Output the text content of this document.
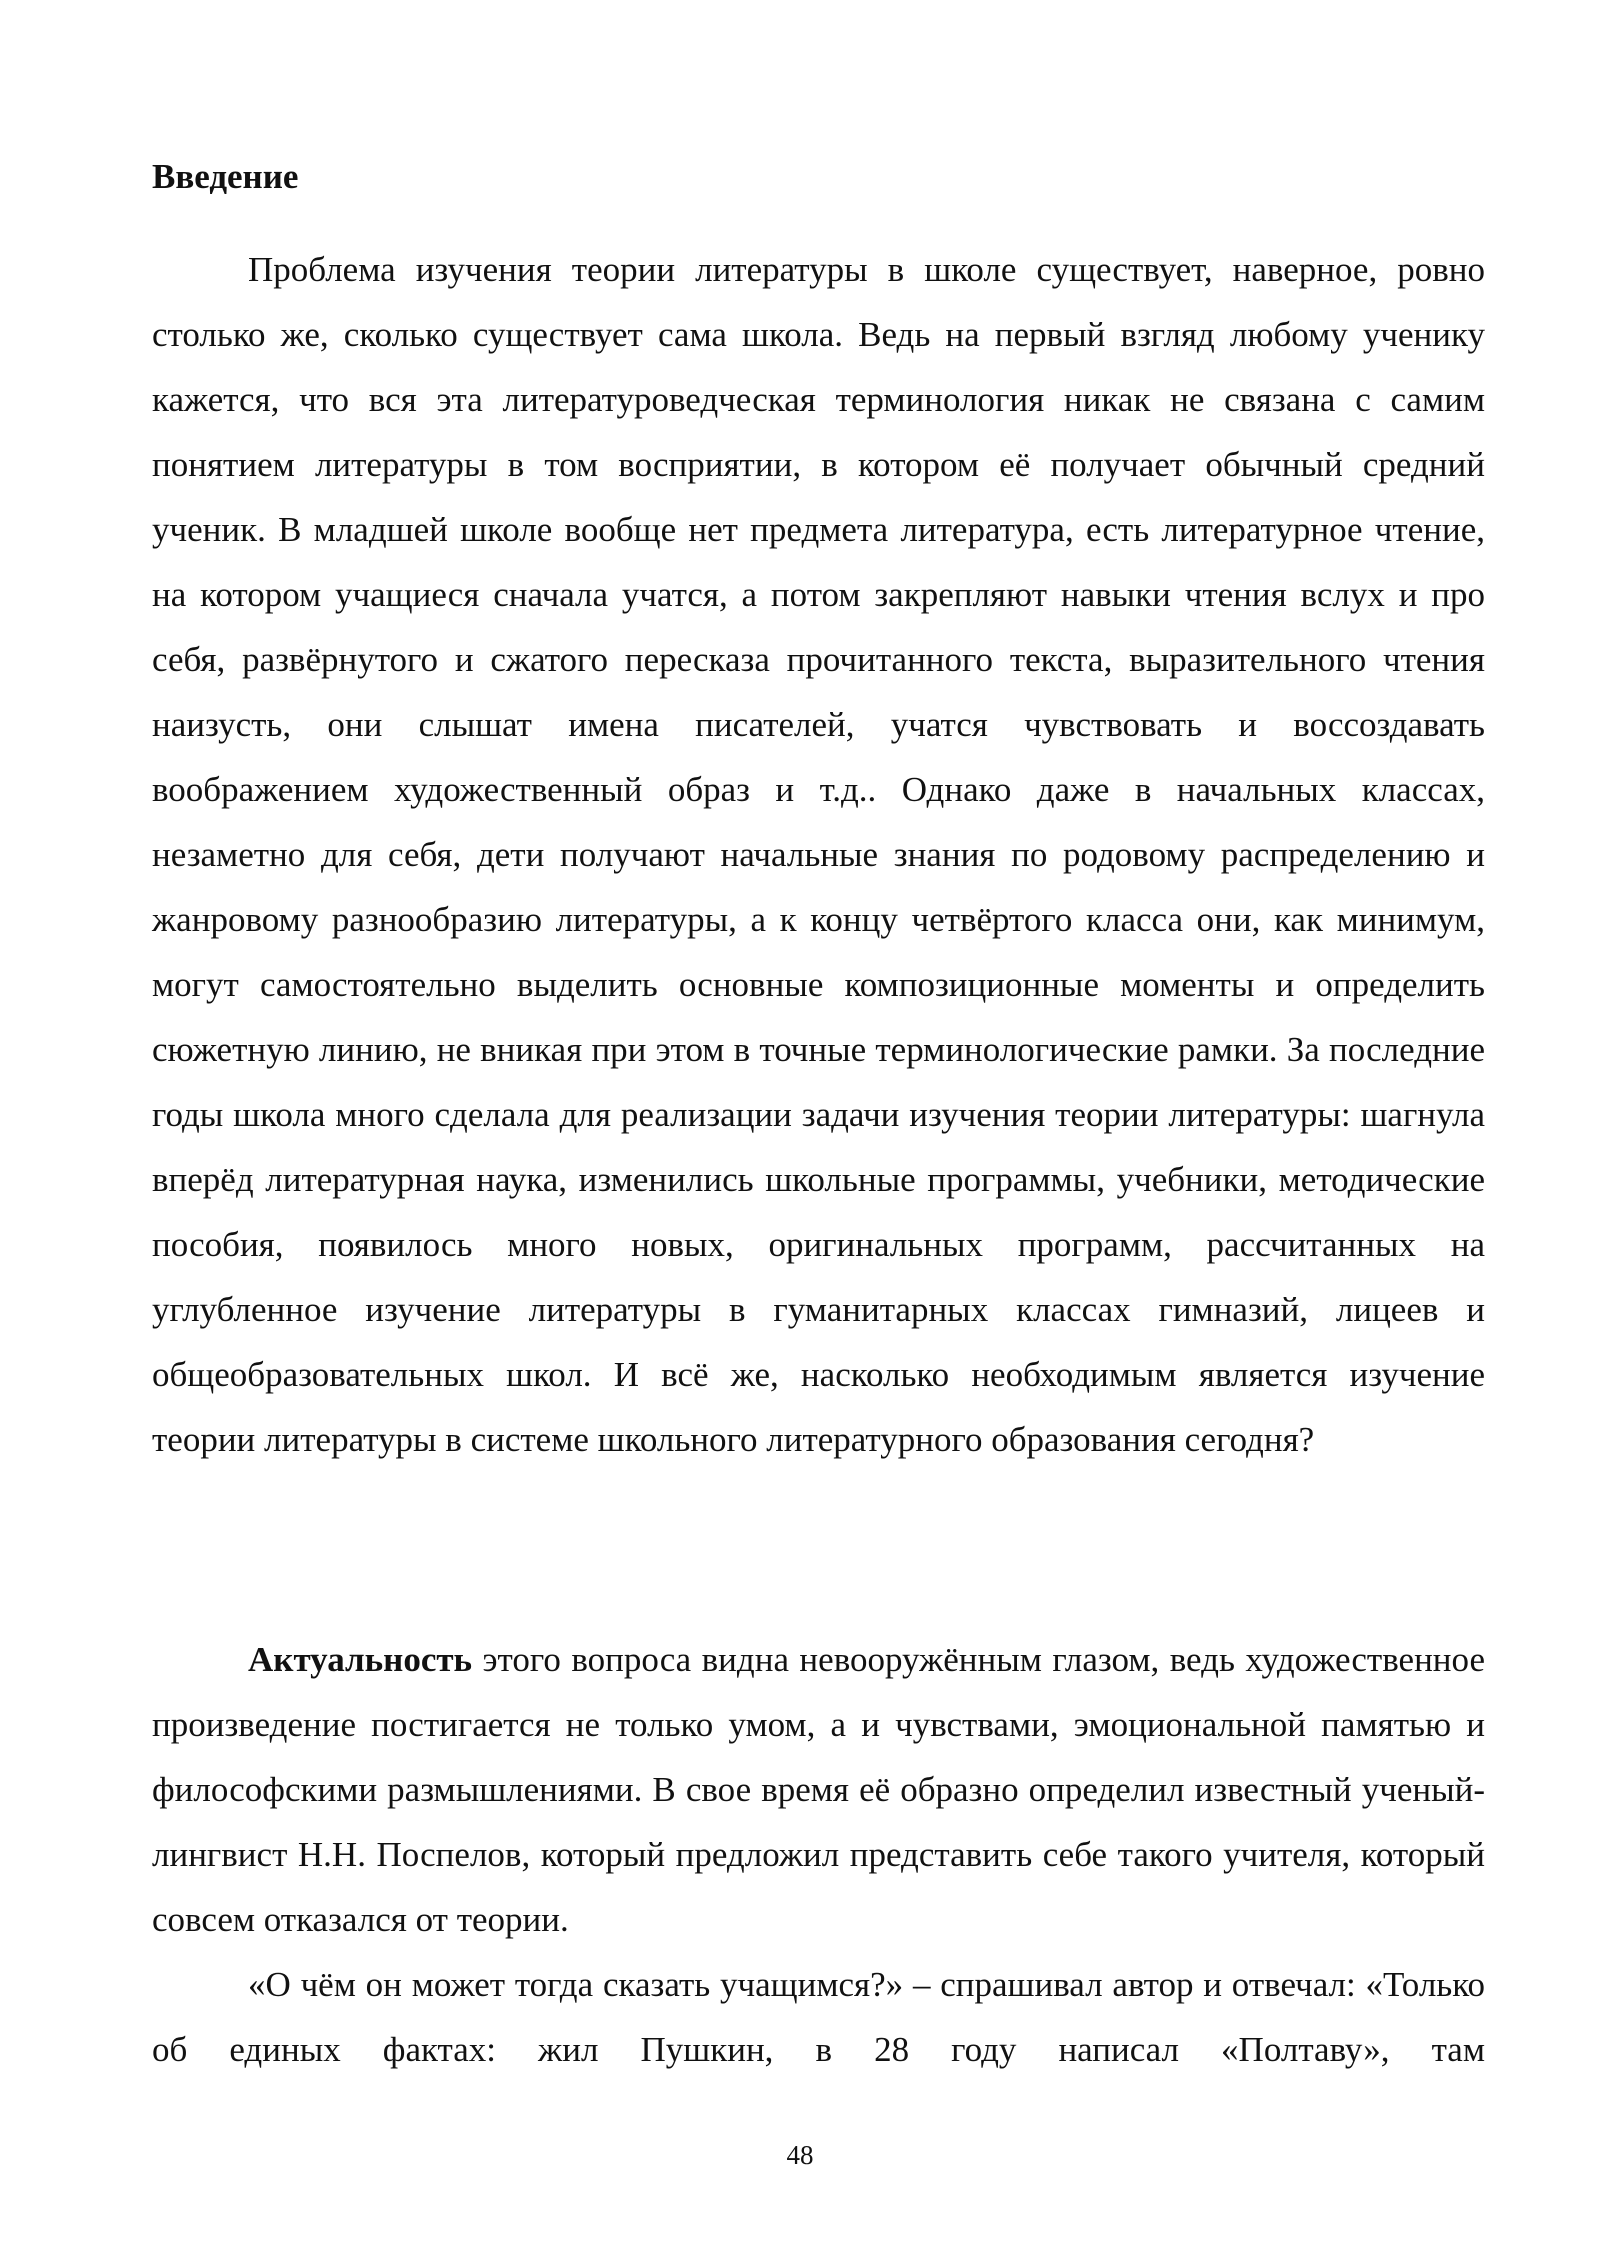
Введение

Проблема изучения теории литературы в школе существует, наверное, ровно столько же, сколько существует сама школа. Ведь на первый взгляд любому ученику кажется, что вся эта литературоведческая терминология никак не связана с самим понятием литературы в том восприятии, в котором её получает обычный средний ученик. В младшей школе вообще нет предмета литература, есть литературное чтение, на котором учащиеся сначала учатся, а потом закрепляют навыки чтения вслух и про себя, развёрнутого и сжатого пересказа прочитанного текста, выразительного чтения наизусть, они слышат имена писателей, учатся чувствовать и воссоздавать воображением художественный образ и т.д.. Однако даже в начальных классах, незаметно для себя, дети получают начальные знания по родовому распределению и жанровому разнообразию литературы, а к концу четвёртого класса они, как минимум, могут самостоятельно выделить основные композиционные моменты и определить сюжетную линию, не вникая при этом в точные терминологические рамки. За последние годы школа много сделала для реализации задачи изучения теории литературы: шагнула вперёд литературная наука, изменились школьные программы, учебники, методические пособия, появилось много новых, оригинальных программ, рассчитанных на углубленное изучение литературы в гуманитарных классах гимназий, лицеев и общеобразовательных школ. И всё же, насколько необходимым является изучение теории литературы в системе школьного литературного образования сегодня?

Актуальность этого вопроса видна невооружённым глазом, ведь художественное произведение постигается не только умом, а и чувствами, эмоциональной памятью и философскими размышлениями. В свое время её образно определил известный ученый-лингвист Н.Н. Поспелов, который предложил представить себе такого учителя, который совсем отказался от теории.

«О чём он может тогда сказать учащимся?» – спрашивал автор и отвечал: «Только об единых фактах: жил Пушкин, в 28 году написал «Полтаву», там

48
